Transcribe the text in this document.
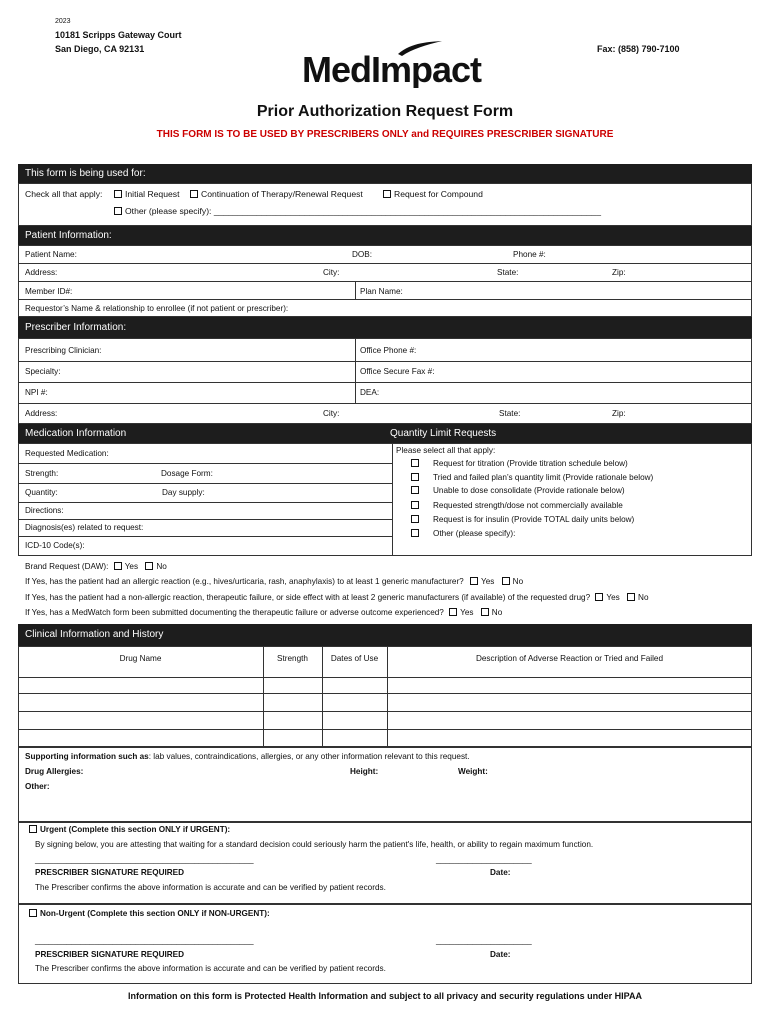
2023
10181 Scripps Gateway Court
San Diego, CA 92131	Fax: (858) 790-7100
MedImpact
Prior Authorization Request Form
THIS FORM IS TO BE USED BY PRESCRIBERS ONLY and REQUIRES PRESCRIBER SIGNATURE
This form is being used for:
Check all that apply:	Initial Request	Continuation of Therapy/Renewal Request	Request for Compound
Other (please specify): _________________________________________________________________________________
Patient Information:
Patient Name:	DOB:	Phone #:
Address:	City:	State:	Zip:
Member ID#:	Plan Name:
Requestor’s Name & relationship to enrollee (if not patient or prescriber):
Prescriber Information:
Prescribing Clinician:	Office Phone #:
Specialty:	Office Secure Fax #:
NPI #:	DEA:
Address:	City:	State:	Zip:
Medication Information	Quantity Limit Requests
Requested Medication:
Strength:	Dosage Form:
Quantity:	Day supply:
Directions:
Diagnosis(es) related to request:
ICD-10 Code(s):
Please select all that apply:
Request for titration (Provide titration schedule below)
Tried and failed plan’s quantity limit (Provide rationale below)
Unable to dose consolidate (Provide rationale below)
Requested strength/dose not commercially available
Request is for insulin (Provide TOTAL daily units below)
Other (please specify):
Brand Request (DAW): Yes No
If Yes, has the patient had an allergic reaction (e.g., hives/urticaria, rash, anaphylaxis) to at least 1 generic manufacturer? Yes No
If Yes, has the patient had a non-allergic reaction, therapeutic failure, or side effect with at least 2 generic manufacturers (if available) of the requested drug? Yes No
If Yes, has a MedWatch form been submitted documenting the therapeutic failure or adverse outcome experienced? Yes No
Clinical Information and History
Drug Name	Strength	Dates of Use	Description of Adverse Reaction or Tried and Failed
Supporting information such as: lab values, contraindications, allergies, or any other information relevant to this request.
Drug Allergies:	Height:	Weight:
Other:
Urgent (Complete this section ONLY if URGENT):
By signing below, you are attesting that waiting for a standard decision could seriously harm the patient's life, health, or ability to regain maximum function.
________________________________________________	_____________________
PRESCRIBER SIGNATURE REQUIRED	Date:
The Prescriber confirms the above information is accurate and can be verified by patient records.
Non-Urgent (Complete this section ONLY if NON-URGENT):
________________________________________________	_____________________
PRESCRIBER SIGNATURE REQUIRED	Date:
The Prescriber confirms the above information is accurate and can be verified by patient records.
Information on this form is Protected Health Information and subject to all privacy and security regulations under HIPAA
